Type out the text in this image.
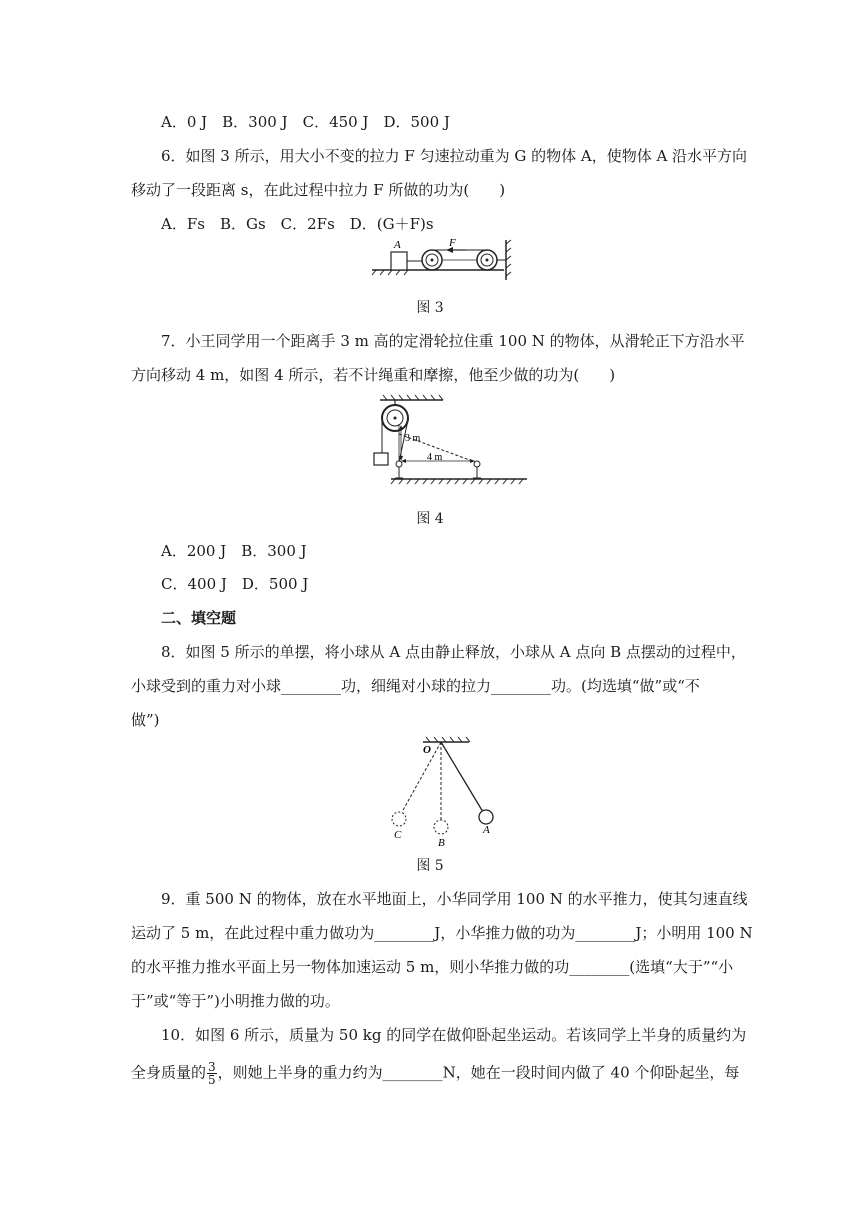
A．0 J　B．300 J　C．450 J　D．500 J
6．如图 3 所示，用大小不变的拉力 F 匀速拉动重为 G 的物体 A，使物体 A 沿水平方向
移动了一段距离 s，在此过程中拉力 F 所做的功为(　　)
A．Fs　B．Gs　C．2Fs　D．(G＋F)s
A	F
图 3
7．小王同学用一个距离手 3 m 高的定滑轮拉住重 100 N 的物体，从滑轮正下方沿水平
方向移动 4 m，如图 4 所示，若不计绳重和摩擦，他至少做的功为(　　)
3 m
4 m
图 4
A．200 J　B．300 J
C．400 J　D．500 J
二、填空题
8．如图 5 所示的单摆，将小球从 A 点由静止释放，小球从 A 点向 B 点摆动的过程中，
小球受到的重力对小球________功，细绳对小球的拉力________功。(均选填“做”或“不
做”)
O
A
B
C
图 5
9．重 500 N 的物体，放在水平地面上，小华同学用 100 N 的水平推力，使其匀速直线
运动了 5 m，在此过程中重力做功为________J，小华推力做的功为________J；小明用 100 N
的水平推力推水平面上另一物体加速运动 5 m，则小华推力做的功________(选填“大于”“小
于”或“等于”)小明推力做的功。
10．如图 6 所示，质量为 50 kg 的同学在做仰卧起坐运动。若该同学上半身的质量约为
全身质量的 $\frac{3}{5}$ ，则她上半身的重力约为________N，她在一段时间内做了 40 个仰卧起坐，每
